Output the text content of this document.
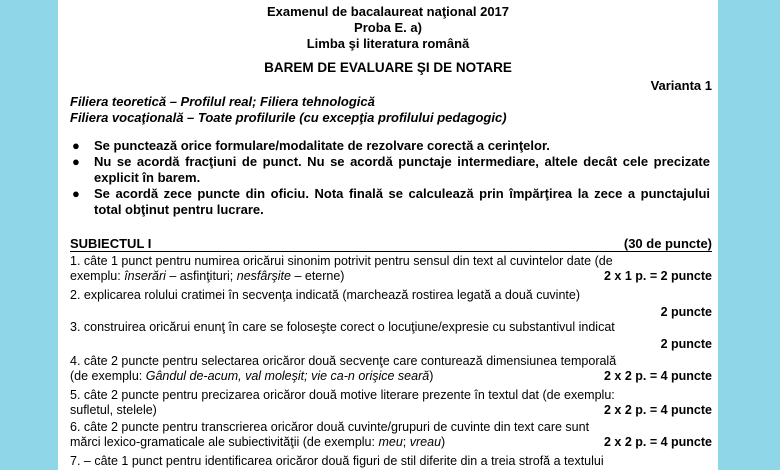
Examenul de bacalaureat naţional 2017
Proba E. a)
Limba şi literatura română
BAREM DE EVALUARE ŞI DE NOTARE
Varianta 1
Filiera teoretică – Profilul real; Filiera tehnologică
Filiera vocaţională – Toate profilurile (cu excepţia profilului pedagogic)
● Se punctează orice formulare/modalitate de rezolvare corectă a cerinţelor.
● Nu se acordă fracţiuni de punct. Nu se acordă punctaje intermediare, altele decât cele precizate explicit în barem.
● Se acordă zece puncte din oficiu. Nota finală se calculează prin împărţirea la zece a punctajului total obţinut pentru lucrare.
SUBIECTUL I	(30 de puncte)
1. câte 1 punct pentru numirea oricărui sinonim potrivit pentru sensul din text al cuvintelor date (de
exemplu: înserări – asfinţituri; nesfârşite – eterne)	2 x 1 p. = 2 puncte
2. explicarea rolului cratimei în secvenţa indicată (marchează rostirea legată a două cuvinte)
2 puncte
3. construirea oricărui enunţ în care se foloseşte corect o locuţiune/expresie cu substantivul indicat
2 puncte
4. câte 2 puncte pentru selectarea oricăror două secvenţe care conturează dimensiunea temporală
(de exemplu: Gândul de-acum, val moleşit; vie ca-n orişice seară)	2 x 2 p. = 4 puncte
5. câte 2 puncte pentru precizarea oricăror două motive literare prezente în textul dat (de exemplu:
sufletul, stelele)	2 x 2 p. = 4 puncte
6. câte 2 puncte pentru transcrierea oricăror două cuvinte/grupuri de cuvinte din text care sunt
mărci lexico-gramaticale ale subiectivităţii (de exemplu: meu; vreau)	2 x 2 p. = 4 puncte
7. – câte 1 punct pentru identificarea oricăror două figuri de stil diferite din a treia strofă a textului
